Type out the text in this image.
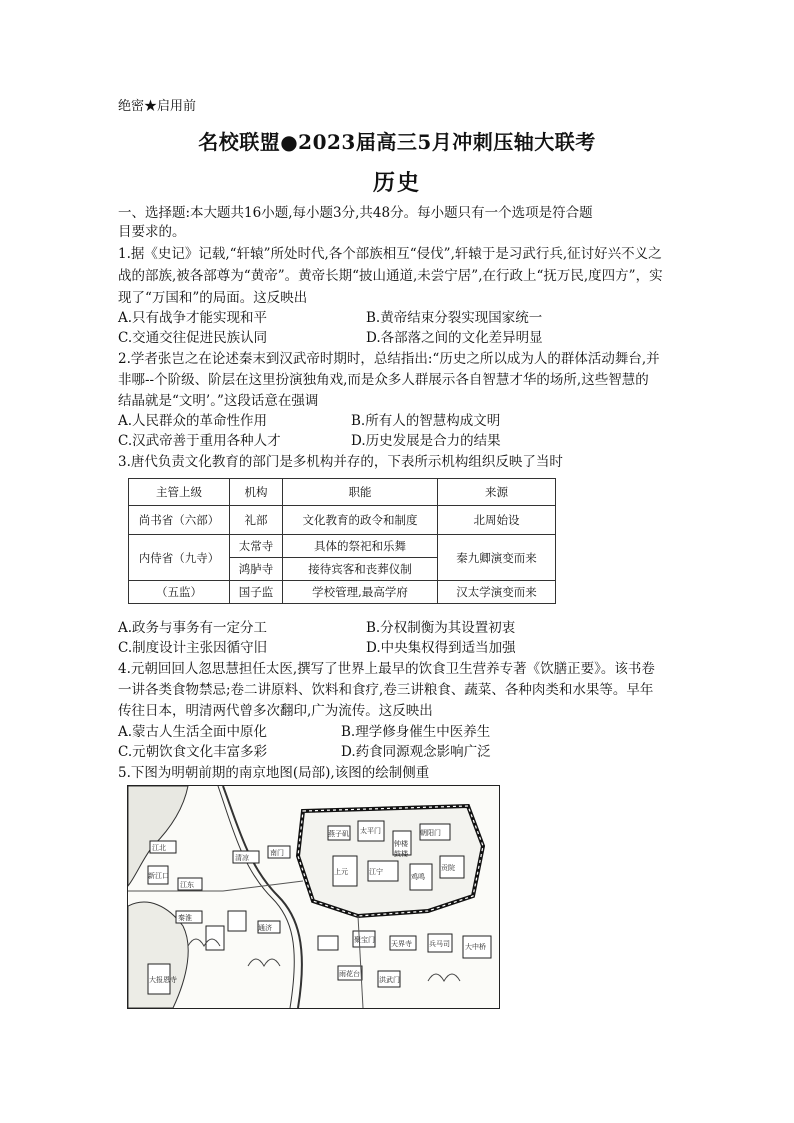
绝密★启用前
名校联盟●2023届高三5月冲刺压轴大联考
历史
一、选择题:本大题共16小题,每小题3分,共48分。每小题只有一个选项是符合题
目要求的。
1.据《史记》记载,“轩辕”所处时代,各个部族相互“侵伐”,轩辕于是习武行兵,征讨好兴不义之
战的部族,被各部尊为“黄帝”。黄帝长期“披山通道,未尝宁居”,在行政上“抚万民,度四方”，实
现了“万国和”的局面。这反映出
A.只有战争才能实现和平	B.黄帝结束分裂实现国家统一
C.交通交往促进民族认同	D.各部落之间的文化差异明显
2.学者张岂之在论述秦末到汉武帝时期时，总结指出:“历史之所以成为人的群体活动舞台,并
非哪--个阶级、阶层在这里扮演独角戏,而是众多人群展示各自智慧才华的场所,这些智慧的
结晶就是“文明’。”这段话意在强调
A.人民群众的革命性作用	B.所有人的智慧构成文明
C.汉武帝善于重用各种人才	D.历史发展是合力的结果
3.唐代负责文化教育的部门是多机构并存的，下表所示机构组织反映了当时
主管上级	机构	职能	来源
尚书省（六部）	礼部	文化教育的政令和制度	北周始设
内侍省（九寺）	太常寺	具体的祭祀和乐舞	秦九卿演变而来
	鸿胪寺	接待宾客和丧葬仪制	
（五监）	国子监	学校管理,最高学府	汉太学演变而来
A.政务与事务有一定分工	B.分权制衡为其设置初衷
C.制度设计主张因循守旧	D.中央集权得到适当加强
4.元朝回回人忽思慧担任太医,撰写了世界上最早的饮食卫生营养专著《饮膳正要》。该书卷
一讲各类食物禁忌;卷二讲原料、饮料和食疗,卷三讲粮食、蔬菜、各种肉类和水果等。早年
传往日本，明清两代曾多次翻印,广为流传。这反映出
A.蒙古人生活全面中原化	B.理学修身催生中医养生
C.元朝饮食文化丰富多彩	D.药食同源观念影响广泛
5.下图为明朝前期的南京地图(局部),该图的绘制侧重
江北
新江口
江东
清凉
南门
燕子矶 太平门	朝阳门
秦淮
通济
上元	江宁
鸡鸣
聚宝门
大报恩寺
天界寺
雨花台
贡院
兵马司
钟楼
鼓楼
大中桥
洪武门
